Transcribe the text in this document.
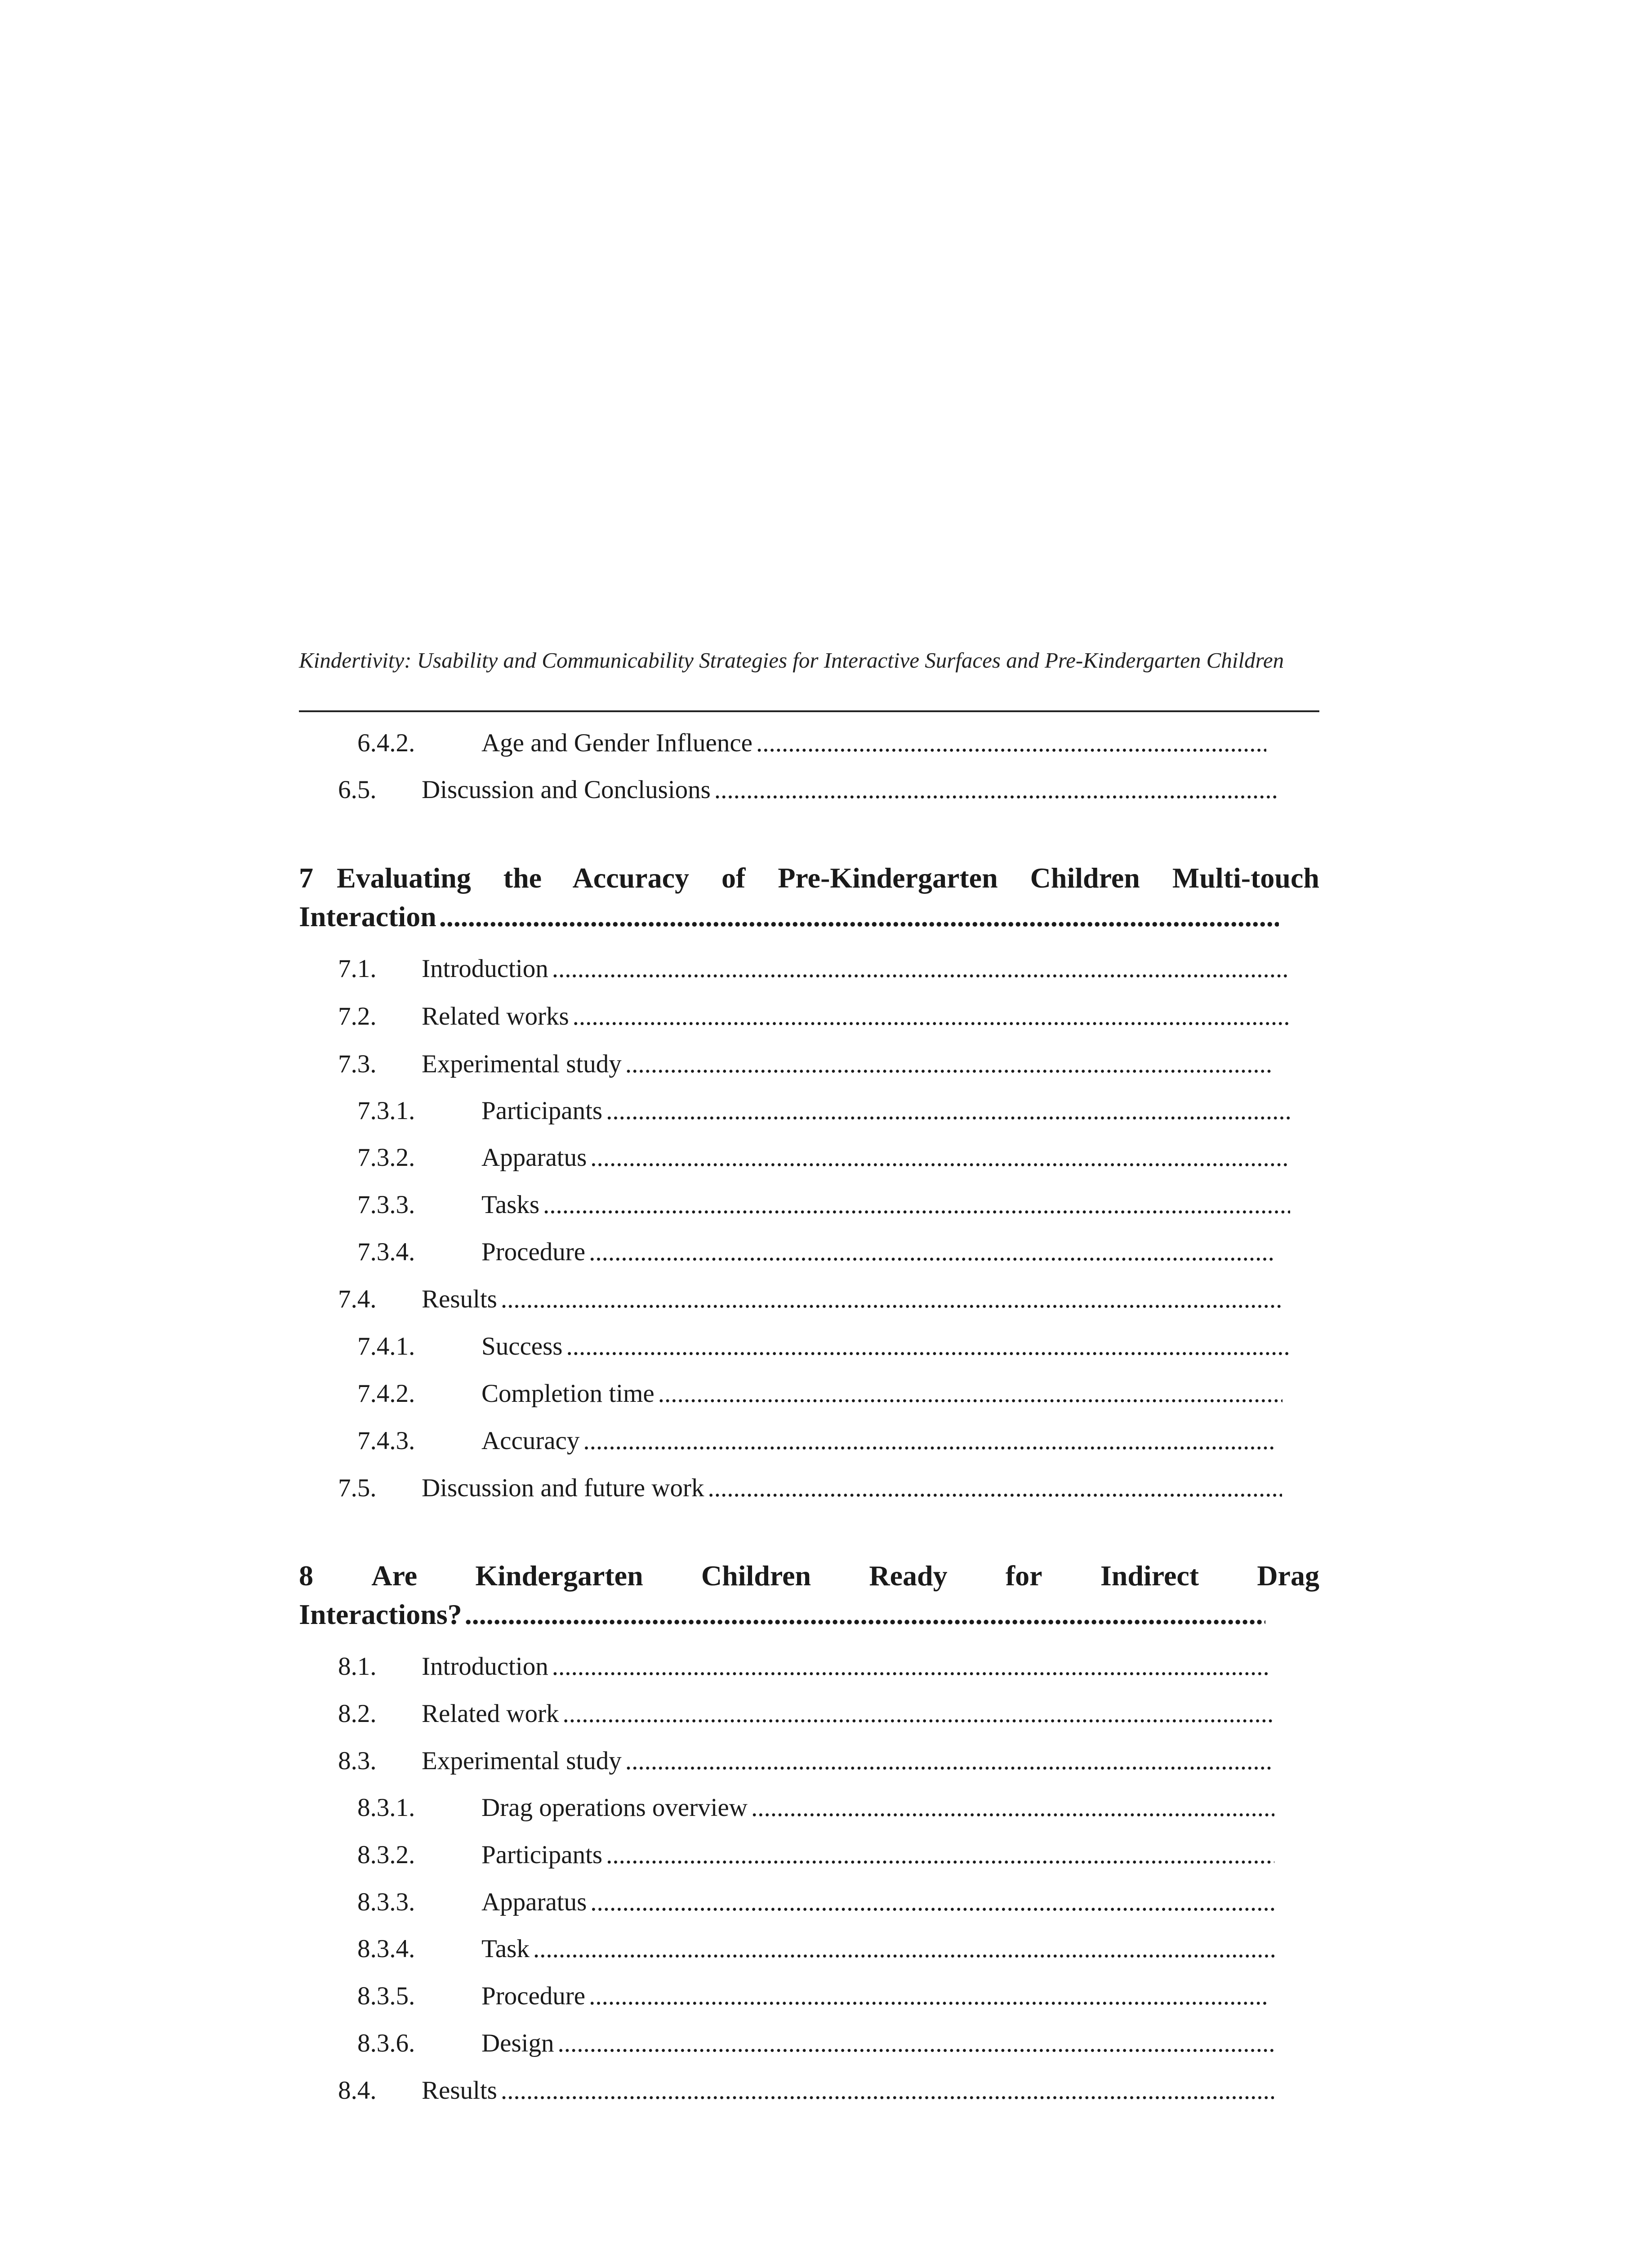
Kindertivity: Usability and Communicability Strategies for Interactive Surfaces and Pre-Kindergarten Children
6.4.2.	Age and Gender Influence
.....
6.5.	Discussion and Conclusions
.....
7 Evaluating the Accuracy of Pre-Kindergarten Children Multi-touch
Interaction
.....
7.1.	Introduction
.....
7.2.	Related works
.....
7.3.	Experimental study
.....
7.3.1.	Participants
.....
7.3.2.	Apparatus
.....
7.3.3.	Tasks
.....
7.3.4.	Procedure
.....
7.4.	Results
.....
7.4.1.	Success
.....
7.4.2.	Completion time
.....
7.4.3.	Accuracy
.....
7.5.	Discussion and future work
.....
8 Are Kindergarten Children Ready for Indirect Drag
Interactions?
.....
8.1.	Introduction
.....
8.2.	Related work
.....
8.3.	Experimental study
.....
8.3.1.	Drag operations overview
.....
8.3.2.	Participants
.....
8.3.3.	Apparatus
.....
8.3.4.	Task
.....
8.3.5.	Procedure
.....
8.3.6.	Design
.....
8.4.	Results
.....
